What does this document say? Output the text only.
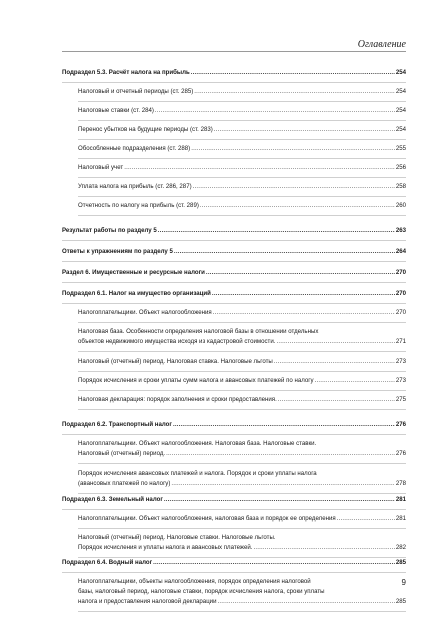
Оглавление
Подраздел 5.3. Расчёт налога на прибыль .....	254
Налоговый и отчетный периоды (ст. 285) .....	254
Налоговые ставки (ст. 284) .....	254
Перенос убытков на будущие периоды (ст. 283) .....	254
Обособленные подразделения (ст. 288) .....	255
Налоговый учет .....	256
Уплата налога на прибыль (ст. 286, 287) .....	258
Отчетность по налогу на прибыль (ст. 289) .....	260
Результат работы по разделу 5 .....	263
Ответы к упражнениям по разделу 5 .....	264
Раздел 6. Имущественные и ресурсные налоги .....	270
Подраздел 6.1. Налог на имущество организаций .....	270
Налогоплательщики. Объект налогообложения .....	270
Налоговая база. Особенности определения налоговой базы в отношении отдельных
объектов недвижимого имущества исходя из кадастровой стоимости. .....	271
Налоговый (отчетный) период. Налоговая ставка. Налоговые льготы .....	273
Порядок исчисления и сроки уплаты сумм налога и авансовых платежей по налогу .....	273
Налоговая декларация: порядок заполнения и сроки предоставления. .....	275
Подраздел 6.2. Транспортный налог .....	276
Налогоплательщики. Объект налогообложения. Налоговая база. Налоговые ставки.
Налоговый (отчетный) период. .....	276
Порядок исчисления авансовых платежей и налога. Порядок и сроки уплаты налога
(авансовых платежей по налогу) .....	278
Подраздел 6.3. Земельный налог .....	281
Налогоплательщики. Объект налогообложения, налоговая база и порядок ее определения .....	281
Налоговый (отчетный) период. Налоговые ставки. Налоговые льготы.
Порядок исчисления и уплаты налога и авансовых платежей. .....	282
Подраздел 6.4. Водный налог .....	285
Налогоплательщики, объекты налогообложения, порядок определения налоговой
базы, налоговый период, налоговые ставки, порядок исчисления налога, сроки уплаты
налога и предоставления налоговой декларации .....	285
9
